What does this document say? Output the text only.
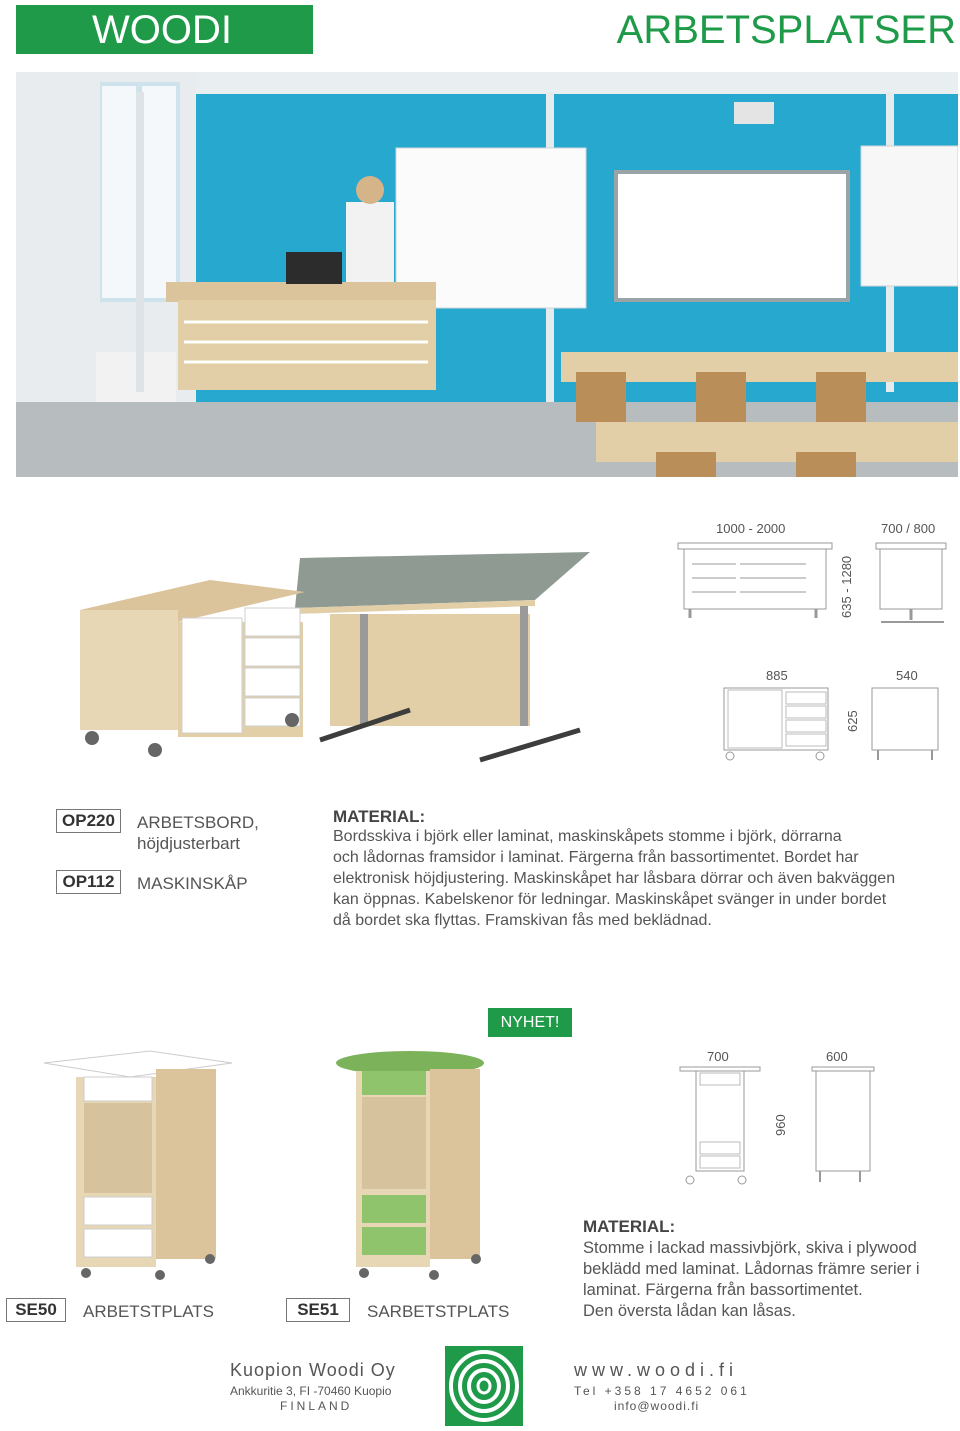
WOODI	ARBETSPLATSER
1000 - 2000	700 / 800
635 - 1280
885	540
625
OP220	ARBETSBORD,
höjdjusterbart
OP112	MASKINSKÅP
MATERIAL:
Bordsskiva i björk eller laminat, maskinskåpets stomme i björk, dörrarna
och lådornas framsidor i laminat. Färgerna från bassortimentet. Bordet har
elektronisk höjdjustering. Maskinskåpet har låsbara dörrar och även bakväggen
kan öppnas. Kabelskenor för ledningar. Maskinskåpet svänger in under bordet
då bordet ska flyttas. Framskivan fås med beklädnad.
NYHET!
700	600
960
SE50	ARBETSTPLATS	SE51	SARBETSTPLATS
MATERIAL:
Stomme i lackad massivbjörk, skiva i plywood
beklädd med laminat. Lådornas främre serier i
laminat. Färgerna från bassortimentet.
Den översta lådan kan låsas.
Kuopion Woodi Oy
Ankkuritie 3, FI -70460 Kuopio
FINLAND
www.woodi.fi
Tel +358 17 4652 061
info@woodi.fi
